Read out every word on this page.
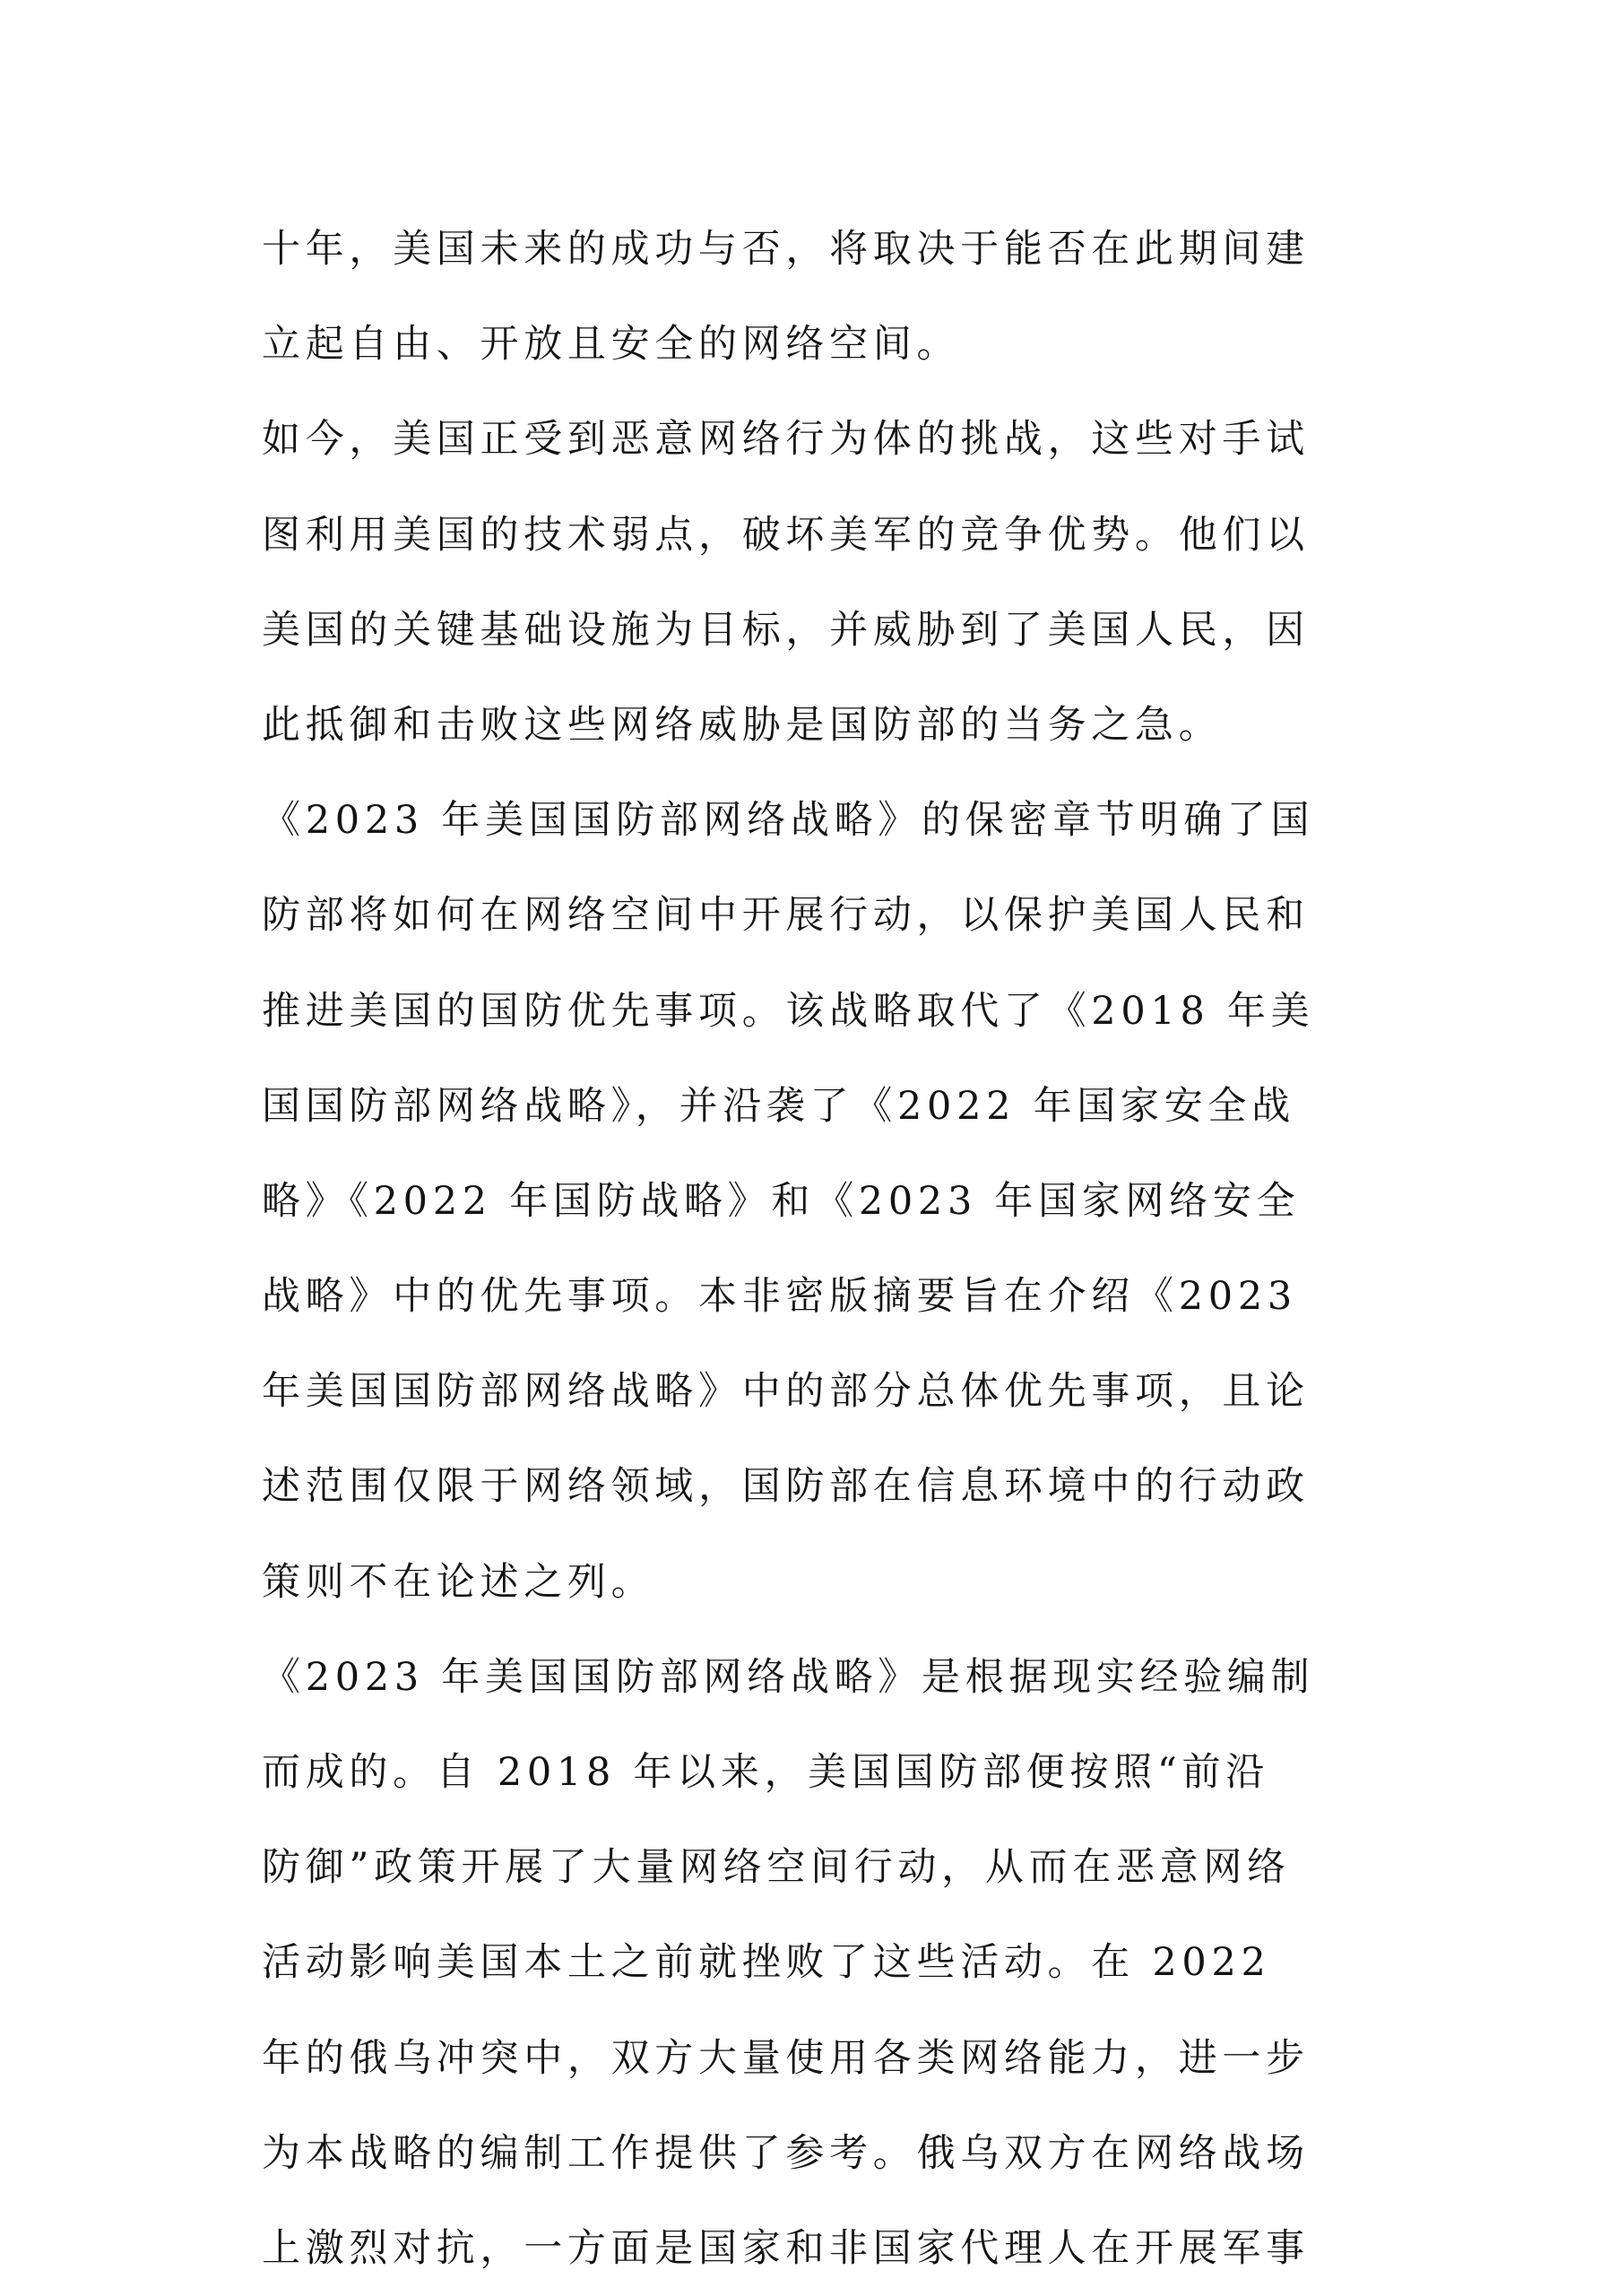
十年，美国未来的成功与否，将取决于能否在此期间建
立起自由、开放且安全的网络空间。
如今，美国正受到恶意网络行为体的挑战，这些对手试
图利用美国的技术弱点，破坏美军的竞争优势。他们以
美国的关键基础设施为目标，并威胁到了美国人民，因
此抵御和击败这些网络威胁是国防部的当务之急。
《2023 年美国国防部网络战略》的保密章节明确了国
防部将如何在网络空间中开展行动，以保护美国人民和
推进美国的国防优先事项。该战略取代了《2018 年美
国国防部网络战略》，并沿袭了《2022 年国家安全战
略》《2022 年国防战略》和《2023 年国家网络安全
战略》中的优先事项。本非密版摘要旨在介绍《2023
年美国国防部网络战略》中的部分总体优先事项，且论
述范围仅限于网络领域，国防部在信息环境中的行动政
策则不在论述之列。
《2023 年美国国防部网络战略》是根据现实经验编制
而成的。自 2018 年以来，美国国防部便按照“前沿
防御”政策开展了大量网络空间行动，从而在恶意网络
活动影响美国本土之前就挫败了这些活动。在 2022
年的俄乌冲突中，双方大量使用各类网络能力，进一步
为本战略的编制工作提供了参考。俄乌双方在网络战场
上激烈对抗，一方面是国家和非国家代理人在开展军事
